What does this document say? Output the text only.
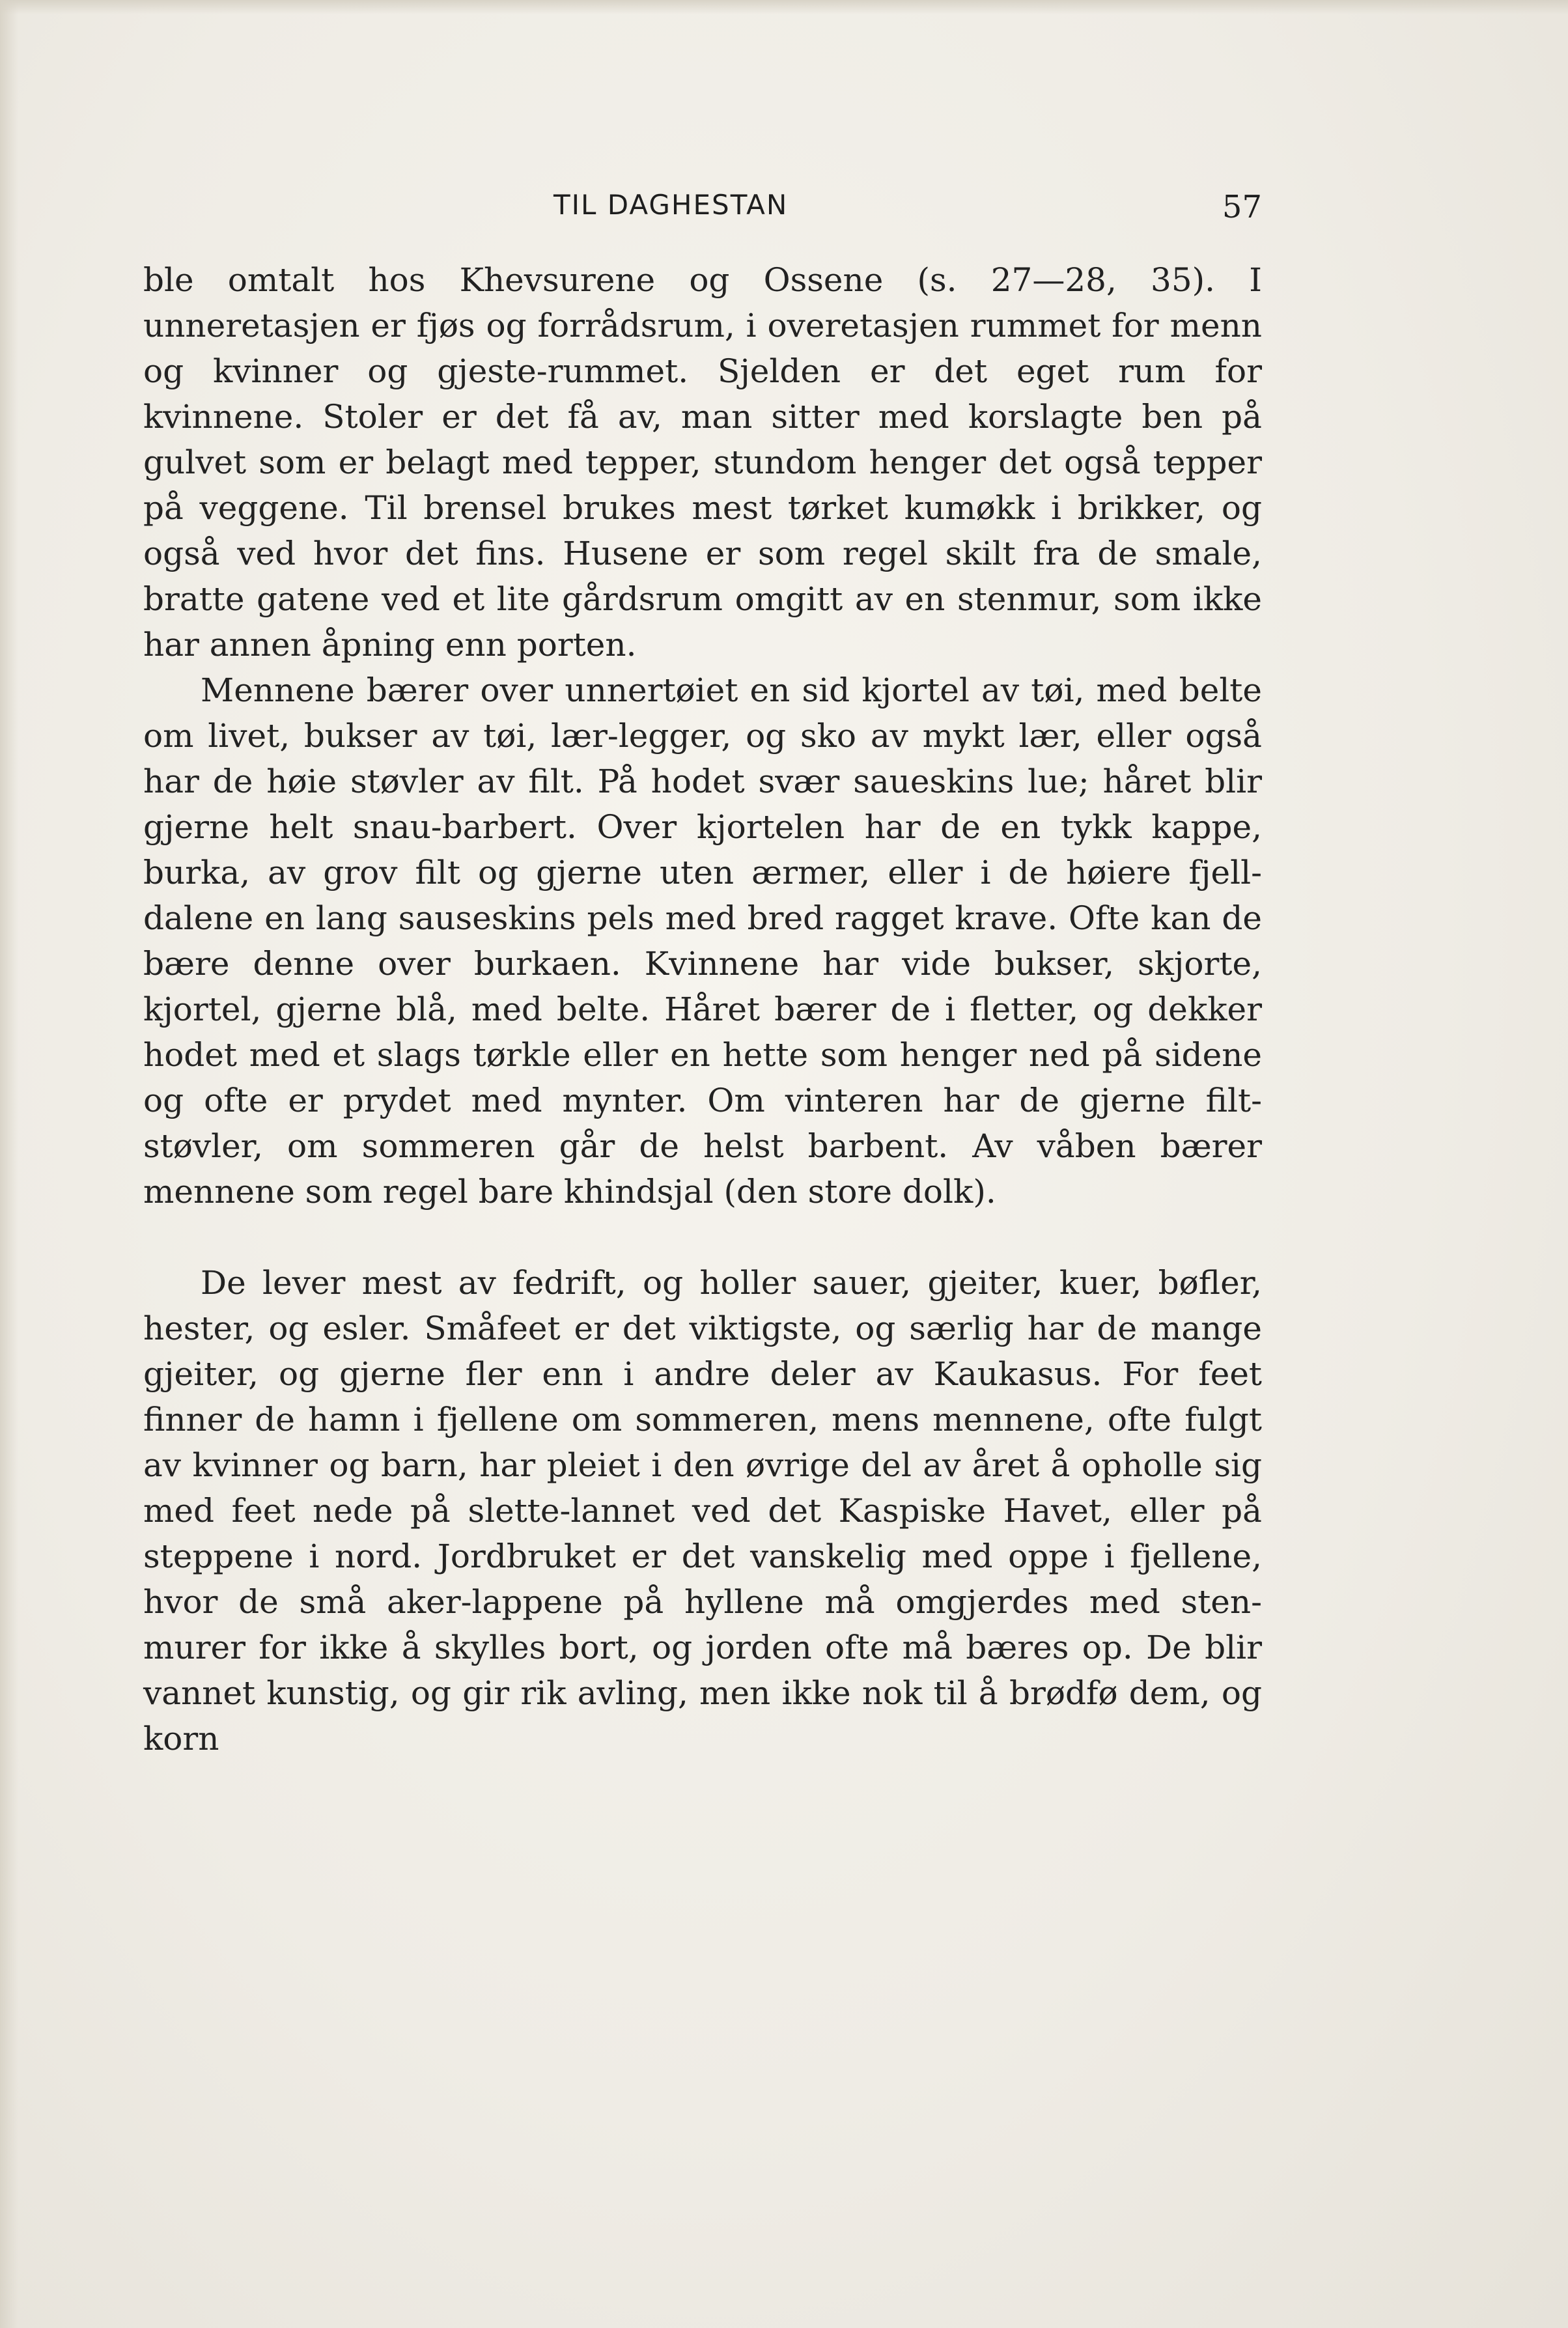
TIL DAGHESTAN	57

ble omtalt hos Khevsurene og Ossene (s. 27—28, 35). I unneretasjen er fjøs og forrådsrum, i overetasjen rummet for menn og kvinner og gjeste-rummet. Sjelden er det eget rum for kvinnene. Stoler er det få av, man sitter med korslagte ben på gulvet som er belagt med tepper, stundom henger det også tepper på veggene. Til brensel brukes mest tørket kumøkk i brikker, og også ved hvor det fins. Husene er som regel skilt fra de smale, bratte gatene ved et lite gårdsrum omgitt av en stenmur, som ikke har annen åpning enn porten.

Mennene bærer over unnertøiet en sid kjortel av tøi, med belte om livet, bukser av tøi, lær-legger, og sko av mykt lær, eller også har de høie støvler av filt. På hodet svær saueskins lue; håret blir gjerne helt snau-barbert. Over kjortelen har de en tykk kappe, burka, av grov filt og gjerne uten ærmer, eller i de høiere fjell-dalene en lang sauseskins pels med bred ragget krave. Ofte kan de bære denne over burkaen. Kvinnene har vide bukser, skjorte, kjortel, gjerne blå, med belte. Håret bærer de i fletter, og dekker hodet med et slags tørkle eller en hette som henger ned på sidene og ofte er prydet med mynter. Om vinteren har de gjerne filt-støvler, om sommeren går de helst barbent. Av våben bærer mennene som regel bare khindsjal (den store dolk).

De lever mest av fedrift, og holler sauer, gjeiter, kuer, bøfler, hester, og esler. Småfeet er det viktigste, og særlig har de mange gjeiter, og gjerne fler enn i andre deler av Kaukasus. For feet finner de hamn i fjellene om sommeren, mens mennene, ofte fulgt av kvinner og barn, har pleiet i den øvrige del av året å opholle sig med feet nede på slette-lannet ved det Kaspiske Havet, eller på steppene i nord. Jordbruket er det vanskelig med oppe i fjellene, hvor de små aker-lappene på hyllene må omgjerdes med sten-murer for ikke å skylles bort, og jorden ofte må bæres op. De blir vannet kunstig, og gir rik avling, men ikke nok til å brødfø dem, og korn
